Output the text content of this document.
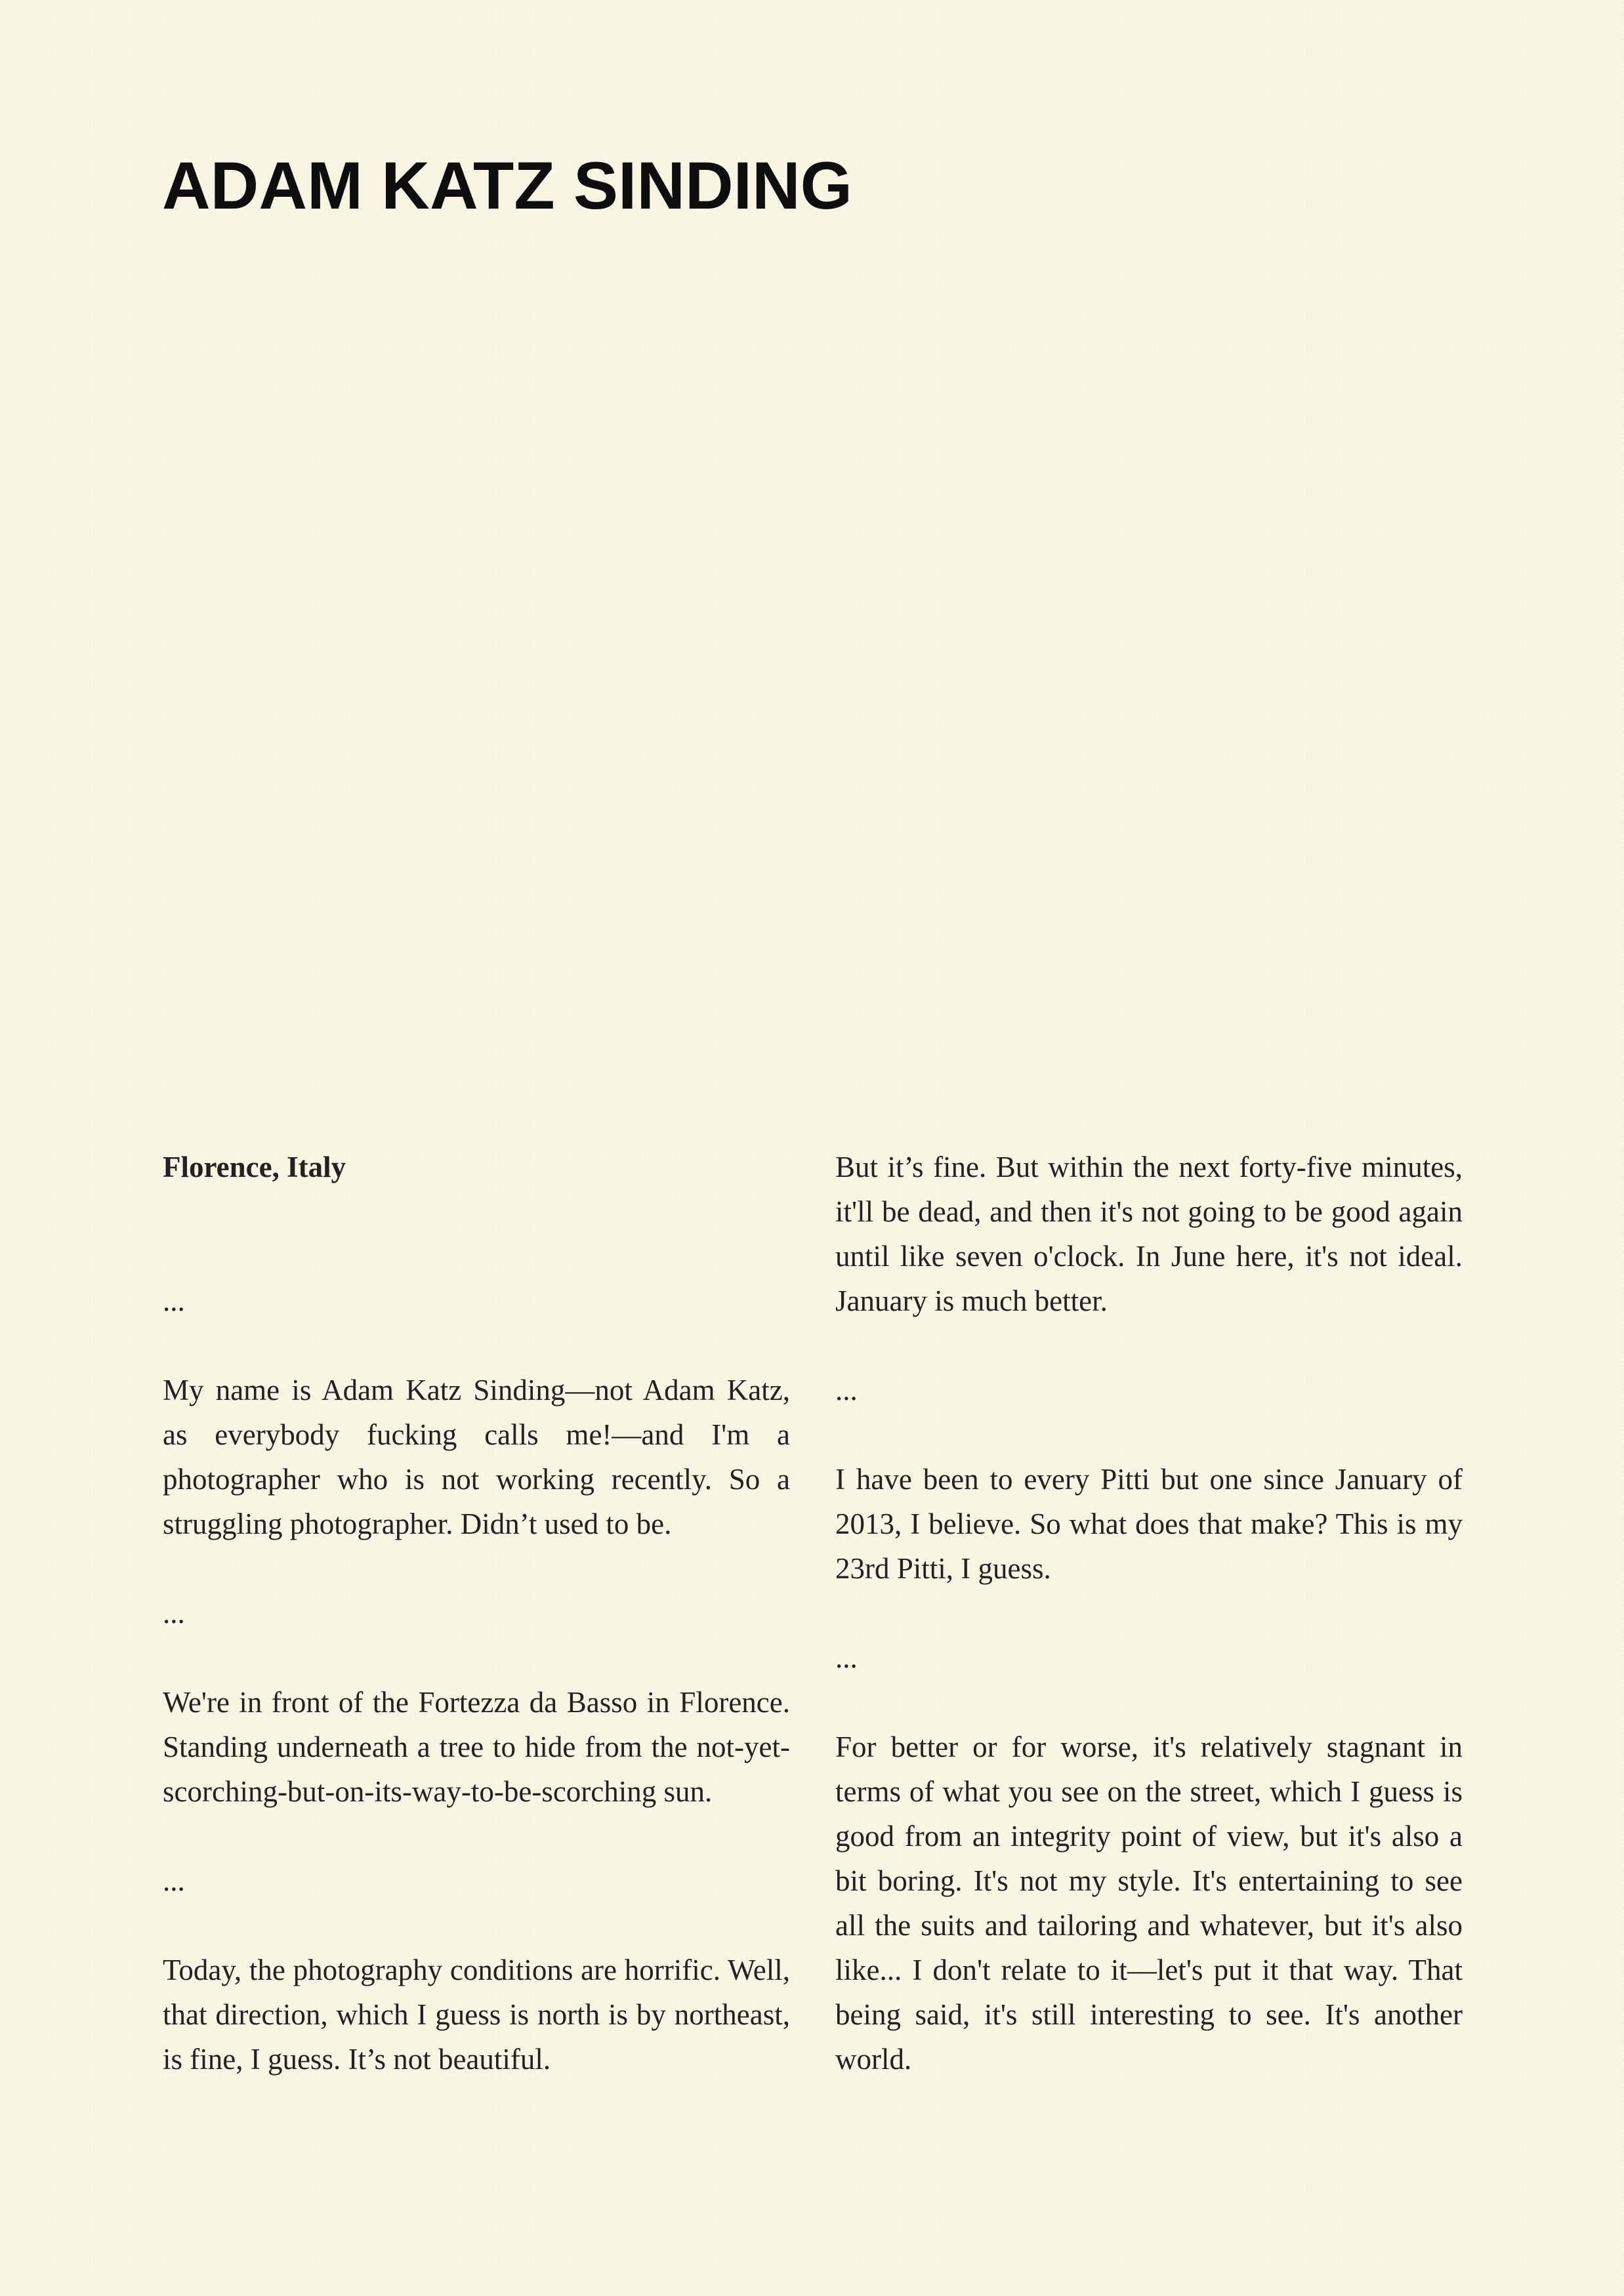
ADAM KATZ SINDING

Florence, Italy

...

My name is Adam Katz Sinding—not Adam Katz, as everybody fucking calls me!—and I'm a photographer who is not working recently. So a struggling photographer. Didn’t used to be.

...

We're in front of the Fortezza da Basso in Florence. Standing underneath a tree to hide from the not-yet-scorching-but-on-its-way-to-be-scorching sun.

...

Today, the photography conditions are horrific. Well, that direction, which I guess is north is by northeast, is fine, I guess. It’s not beautiful.

But it’s fine. But within the next forty-five minutes, it'll be dead, and then it's not going to be good again until like seven o'clock. In June here, it's not ideal. January is much better.

...

I have been to every Pitti but one since January of 2013, I believe. So what does that make? This is my 23rd Pitti, I guess.

...

For better or for worse, it's relatively stagnant in terms of what you see on the street, which I guess is good from an integrity point of view, but it's also a bit boring. It's not my style. It's entertaining to see all the suits and tailoring and whatever, but it's also like... I don't relate to it—let's put it that way. That being said, it's still interesting to see. It's another world.
